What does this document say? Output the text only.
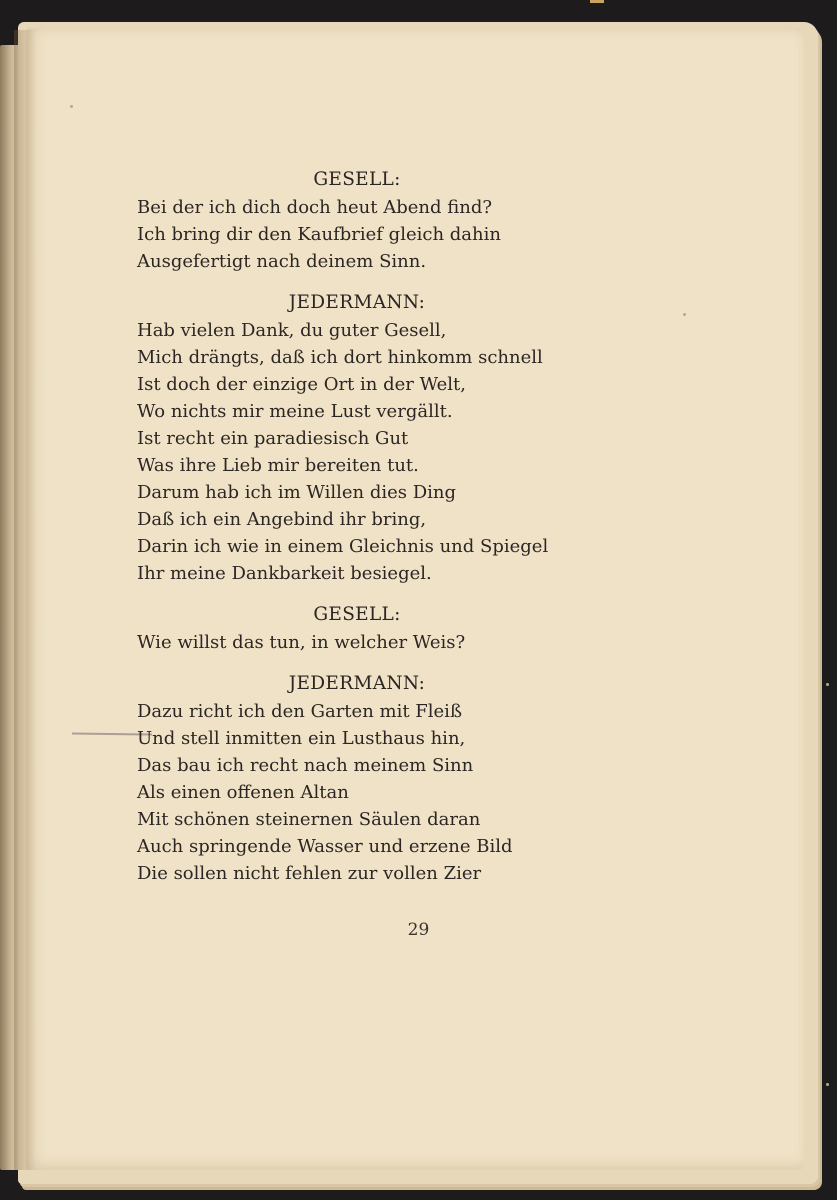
GESELL:

Bei der ich dich doch heut Abend find?

Ich bring dir den Kaufbrief gleich dahin

Ausgefertigt nach deinem Sinn.

JEDERMANN:

Hab vielen Dank, du guter Gesell,

Mich drängts, daß ich dort hinkomm schnell

Ist doch der einzige Ort in der Welt,

Wo nichts mir meine Lust vergällt.

Ist recht ein paradiesisch Gut

Was ihre Lieb mir bereiten tut.

Darum hab ich im Willen dies Ding

Daß ich ein Angebind ihr bring,

Darin ich wie in einem Gleichnis und Spiegel

Ihr meine Dankbarkeit besiegel.

GESELL:

Wie willst das tun, in welcher Weis?

JEDERMANN:

Dazu richt ich den Garten mit Fleiß

Und stell inmitten ein Lusthaus hin,

Das bau ich recht nach meinem Sinn

Als einen offenen Altan

Mit schönen steinernen Säulen daran

Auch springende Wasser und erzene Bild

Die sollen nicht fehlen zur vollen Zier

29
